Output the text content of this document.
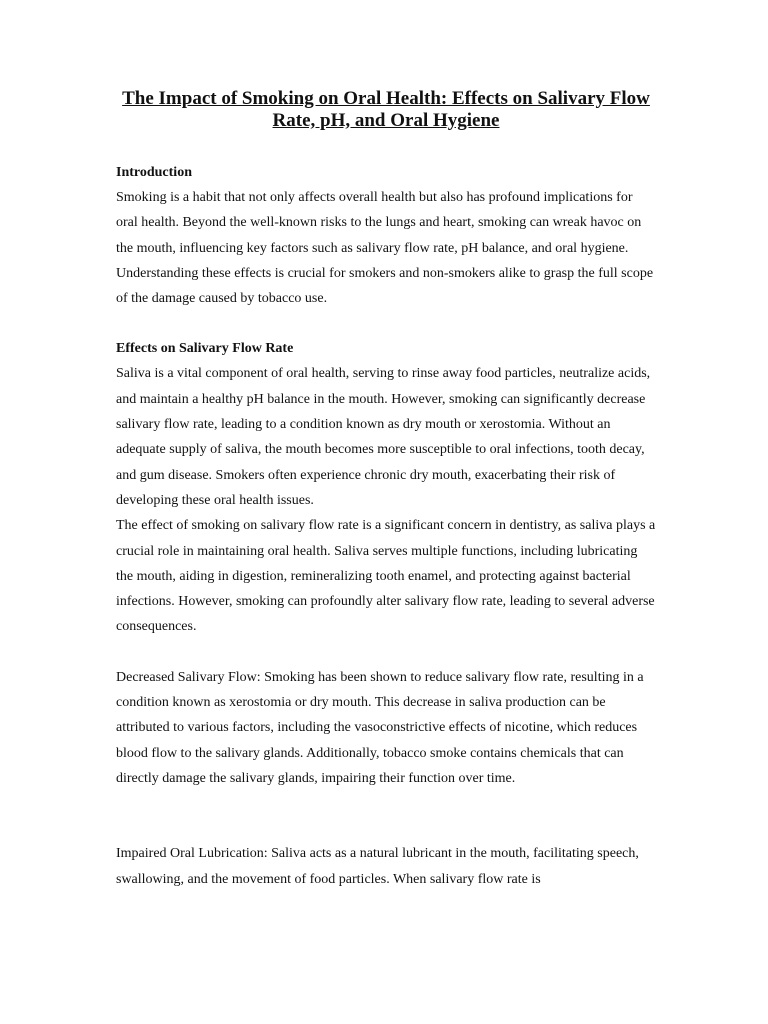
The Impact of Smoking on Oral Health: Effects on Salivary Flow Rate, pH, and Oral Hygiene
Introduction

Smoking is a habit that not only affects overall health but also has profound implications for oral health. Beyond the well-known risks to the lungs and heart, smoking can wreak havoc on the mouth, influencing key factors such as salivary flow rate, pH balance, and oral hygiene. Understanding these effects is crucial for smokers and non-smokers alike to grasp the full scope of the damage caused by tobacco use.

Effects on Salivary Flow Rate

Saliva is a vital component of oral health, serving to rinse away food particles, neutralize acids, and maintain a healthy pH balance in the mouth. However, smoking can significantly decrease salivary flow rate, leading to a condition known as dry mouth or xerostomia. Without an adequate supply of saliva, the mouth becomes more susceptible to oral infections, tooth decay, and gum disease. Smokers often experience chronic dry mouth, exacerbating their risk of developing these oral health issues.

The effect of smoking on salivary flow rate is a significant concern in dentistry, as saliva plays a crucial role in maintaining oral health. Saliva serves multiple functions, including lubricating the mouth, aiding in digestion, remineralizing tooth enamel, and protecting against bacterial infections. However, smoking can profoundly alter salivary flow rate, leading to several adverse consequences.

Decreased Salivary Flow: Smoking has been shown to reduce salivary flow rate, resulting in a condition known as xerostomia or dry mouth. This decrease in saliva production can be attributed to various factors, including the vasoconstrictive effects of nicotine, which reduces blood flow to the salivary glands. Additionally, tobacco smoke contains chemicals that can directly damage the salivary glands, impairing their function over time.

Impaired Oral Lubrication: Saliva acts as a natural lubricant in the mouth, facilitating speech, swallowing, and the movement of food particles. When salivary flow rate is
